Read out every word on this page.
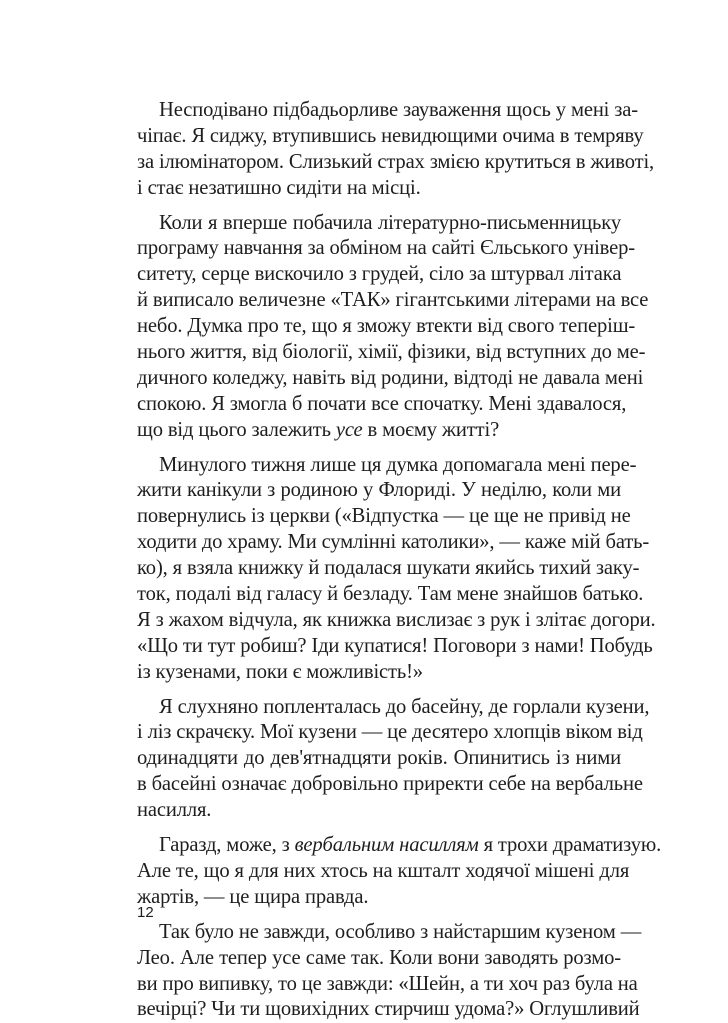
Несподівано підбадьорливе зауваження щось у мені за-
чіпає. Я сиджу, втупившись невидющими очима в темряву
за ілюмінатором. Слизький страх змією крутиться в животі,
і стає незатишно сидіти на місці.
Коли я вперше побачила літературно-письменницьку
програму навчання за обміном на сайті Єльського універ-
ситету, серце вискочило з грудей, сіло за штурвал літака
й виписало величезне «ТАК» гігантськими літерами на все
небо. Думка про те, що я зможу втекти від свого теперіш-
нього життя, від біології, хімії, фізики, від вступних до ме-
дичного коледжу, навіть від родини, відтоді не давала мені
спокою. Я змогла б почати все спочатку. Мені здавалося,
що від цього залежить усе в моєму житті?
Минулого тижня лише ця думка допомагала мені пере-
жити канікули з родиною у Флориді. У неділю, коли ми
повернулись із церкви («Відпустка — це ще не привід не
ходити до храму. Ми сумлінні католики», — каже мій бать-
ко), я взяла книжку й подалася шукати якийсь тихий заку-
ток, подалі від галасу й безладу. Там мене знайшов батько.
Я з жахом відчула, як книжка вислизає з рук і злітає догори.
«Що ти тут робиш? Іди купатися! Поговори з нами! Побудь
із кузенами, поки є можливість!»
Я слухняно попленталась до басейну, де горлали кузени,
і ліз скрачєку. Мої кузени — це десятеро хлопців віком від
одинадцяти до дев'ятнадцяти років. Опинитись із ними
в басейні означає добровільно приректи себе на вербальне
насилля.
Гаразд, може, з вербальним насиллям я трохи драматизую.
Але те, що я для них хтось на кшталт ходячої мішені для
жартів, — це щира правда.
Так було не завжди, особливо з найстаршим кузеном —
Лео. Але тепер усе саме так. Коли вони заводять розмо-
ви про випивку, то це завжди: «Шейн, а ти хоч раз була на
вечірці? Чи ти щовихідних стирчиш удома?» Оглушливий
12
